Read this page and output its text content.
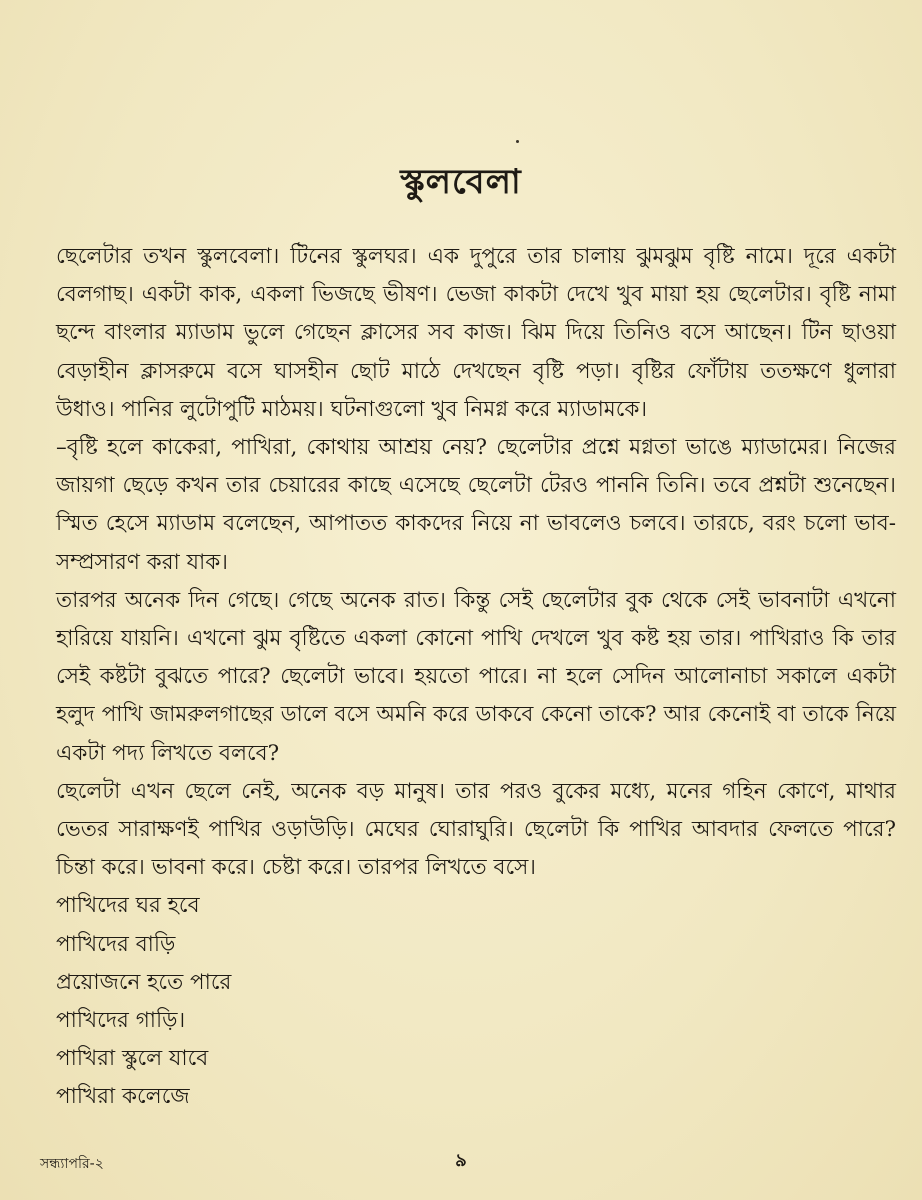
স্কুলবেলা

ছেলেটার তখন স্কুলবেলা। টিনের স্কুলঘর। এক দুপুরে তার চালায় ঝুমঝুম বৃষ্টি নামে। দূরে একটা বেলগাছ। একটা কাক, একলা ভিজছে ভীষণ। ভেজা কাকটা দেখে খুব মায়া হয় ছেলেটার। বৃষ্টি নামা ছন্দে বাংলার ম্যাডাম ভুলে গেছেন ক্লাসের সব কাজ। ঝিম দিয়ে তিনিও বসে আছেন। টিন ছাওয়া বেড়াহীন ক্লাসরুমে বসে ঘাসহীন ছোট মাঠে দেখছেন বৃষ্টি পড়া। বৃষ্টির ফোঁটায় ততক্ষণে ধুলারা উধাও। পানির লুটোপুটি মাঠময়। ঘটনাগুলো খুব নিমগ্ন করে ম্যাডামকে।

–বৃষ্টি হলে কাকেরা, পাখিরা, কোথায় আশ্রয় নেয়? ছেলেটার প্রশ্নে মগ্নতা ভাঙে ম্যাডামের। নিজের জায়গা ছেড়ে কখন তার চেয়ারের কাছে এসেছে ছেলেটা টেরও পাননি তিনি। তবে প্রশ্নটা শুনেছেন। স্মিত হেসে ম্যাডাম বলেছেন, আপাতত কাকদের নিয়ে না ভাবলেও চলবে। তারচে, বরং চলো ভাব-সম্প্রসারণ করা যাক।

তারপর অনেক দিন গেছে। গেছে অনেক রাত। কিন্তু সেই ছেলেটার বুক থেকে সেই ভাবনাটা এখনো হারিয়ে যায়নি। এখনো ঝুম বৃষ্টিতে একলা কোনো পাখি দেখলে খুব কষ্ট হয় তার। পাখিরাও কি তার সেই কষ্টটা বুঝতে পারে? ছেলেটা ভাবে। হয়তো পারে। না হলে সেদিন আলোনাচা সকালে একটা হলুদ পাখি জামরুলগাছের ডালে বসে অমনি করে ডাকবে কেনো তাকে? আর কেনোই বা তাকে নিয়ে একটা পদ্য লিখতে বলবে?

ছেলেটা এখন ছেলে নেই, অনেক বড় মানুষ। তার পরও বুকের মধ্যে, মনের গহিন কোণে, মাথার ভেতর সারাক্ষণই পাখির ওড়াউড়ি। মেঘের ঘোরাঘুরি। ছেলেটা কি পাখির আবদার ফেলতে পারে? চিন্তা করে। ভাবনা করে। চেষ্টা করে। তারপর লিখতে বসে।

পাখিদের ঘর হবে

পাখিদের বাড়ি

প্রয়োজনে হতে পারে

পাখিদের গাড়ি।

পাখিরা স্কুলে যাবে

পাখিরা কলেজে

সন্ধ্যাপরি-২	৯
